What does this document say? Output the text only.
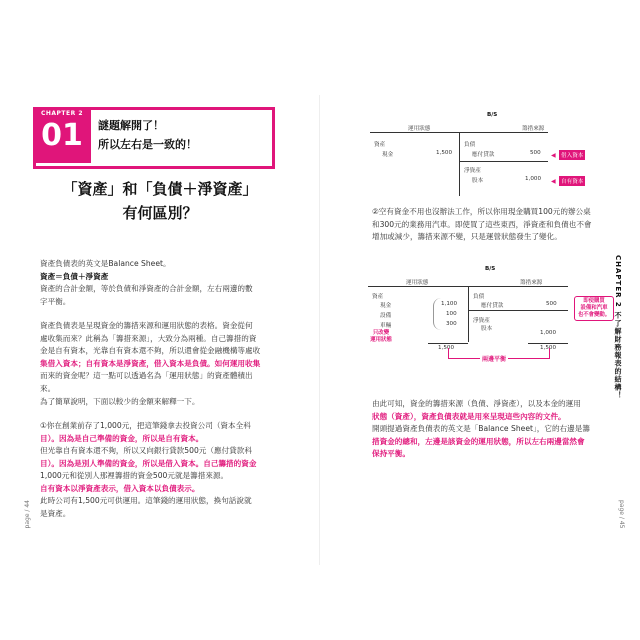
CHAPTER 2
01 謎題解開了！
所以左右是一致的！
「資產」和「負債＋淨資產」
有何區別？
資產負債表的英文是Balance Sheet。
資產＝負債＋淨資產
資產的合計金額，等於負債和淨資產的合計金額，左右兩邊的數
字平衡。
資產負債表是呈現資金的籌措來源和運用狀態的表格。資金從何
處收集而來？此稱為「籌措來源」，大致分為兩種。自己籌措的資
金是自有資本，光靠自有資本還不夠，所以還會從金融機構等處收
集借入資本；自有資本是淨資產，借入資本是負債。如何運用收集
而來的資金呢？這一點可以透過名為「運用狀態」的資產體積出
來。
為了簡單說明，下面以較少的金額來解釋一下。
①你在創業前存了1,000元，把這筆錢拿去投資公司（資本全科
目）。因為是自己準備的資金，所以是自有資本。
但光靠自有資本還不夠，所以又向銀行貸款500元（應付貸款科
目）。因為是別人準備的資金，所以是借入資本。自己籌措的資金
1,000元和從別人那裡籌措的資金500元就是籌措來源。
自有資本以淨資產表示，借入資本以負債表示。
此時公司有1,500元可供運用。這筆錢的運用狀態，換句話說就
是資產。
page / 44
B/S
運用狀態	籌措來源
資產
現金	1,500
負債
應付貸款	500
淨資產
股本	1,000
◀ 借入資本
◀ 自有資本
②空有資金不用也沒辦法工作，所以你用現金購買100元的辦公桌
和300元的業務用汽車。即使買了這些東西，淨資產和負債也不會
增加或減少，籌措來源不變，只是運營狀態發生了變化。
B/S
運用狀態	籌措來源
資產
現金	1,100
設備	100
車輛	300
負債
應付貸款	500
淨資產
股本
1,000
1,500	1,500
只改變
運用狀態
即使購買
設備和汽車
也不會變動。
兩邊平衡
由此可知，資金的籌措來源（負債、淨資產），以及本金的運用
狀態（資產），資產負債表就是用來呈現這些內容的文件。
開頭提過資產負債表的英文是「Balance Sheet」，它的右邊是籌
措資金的總和，左邊是該資金的運用狀態，所以左右兩邊當然會
保持平衡。
CHAPTER 2 不了解財務報表的結構！
page / 45
